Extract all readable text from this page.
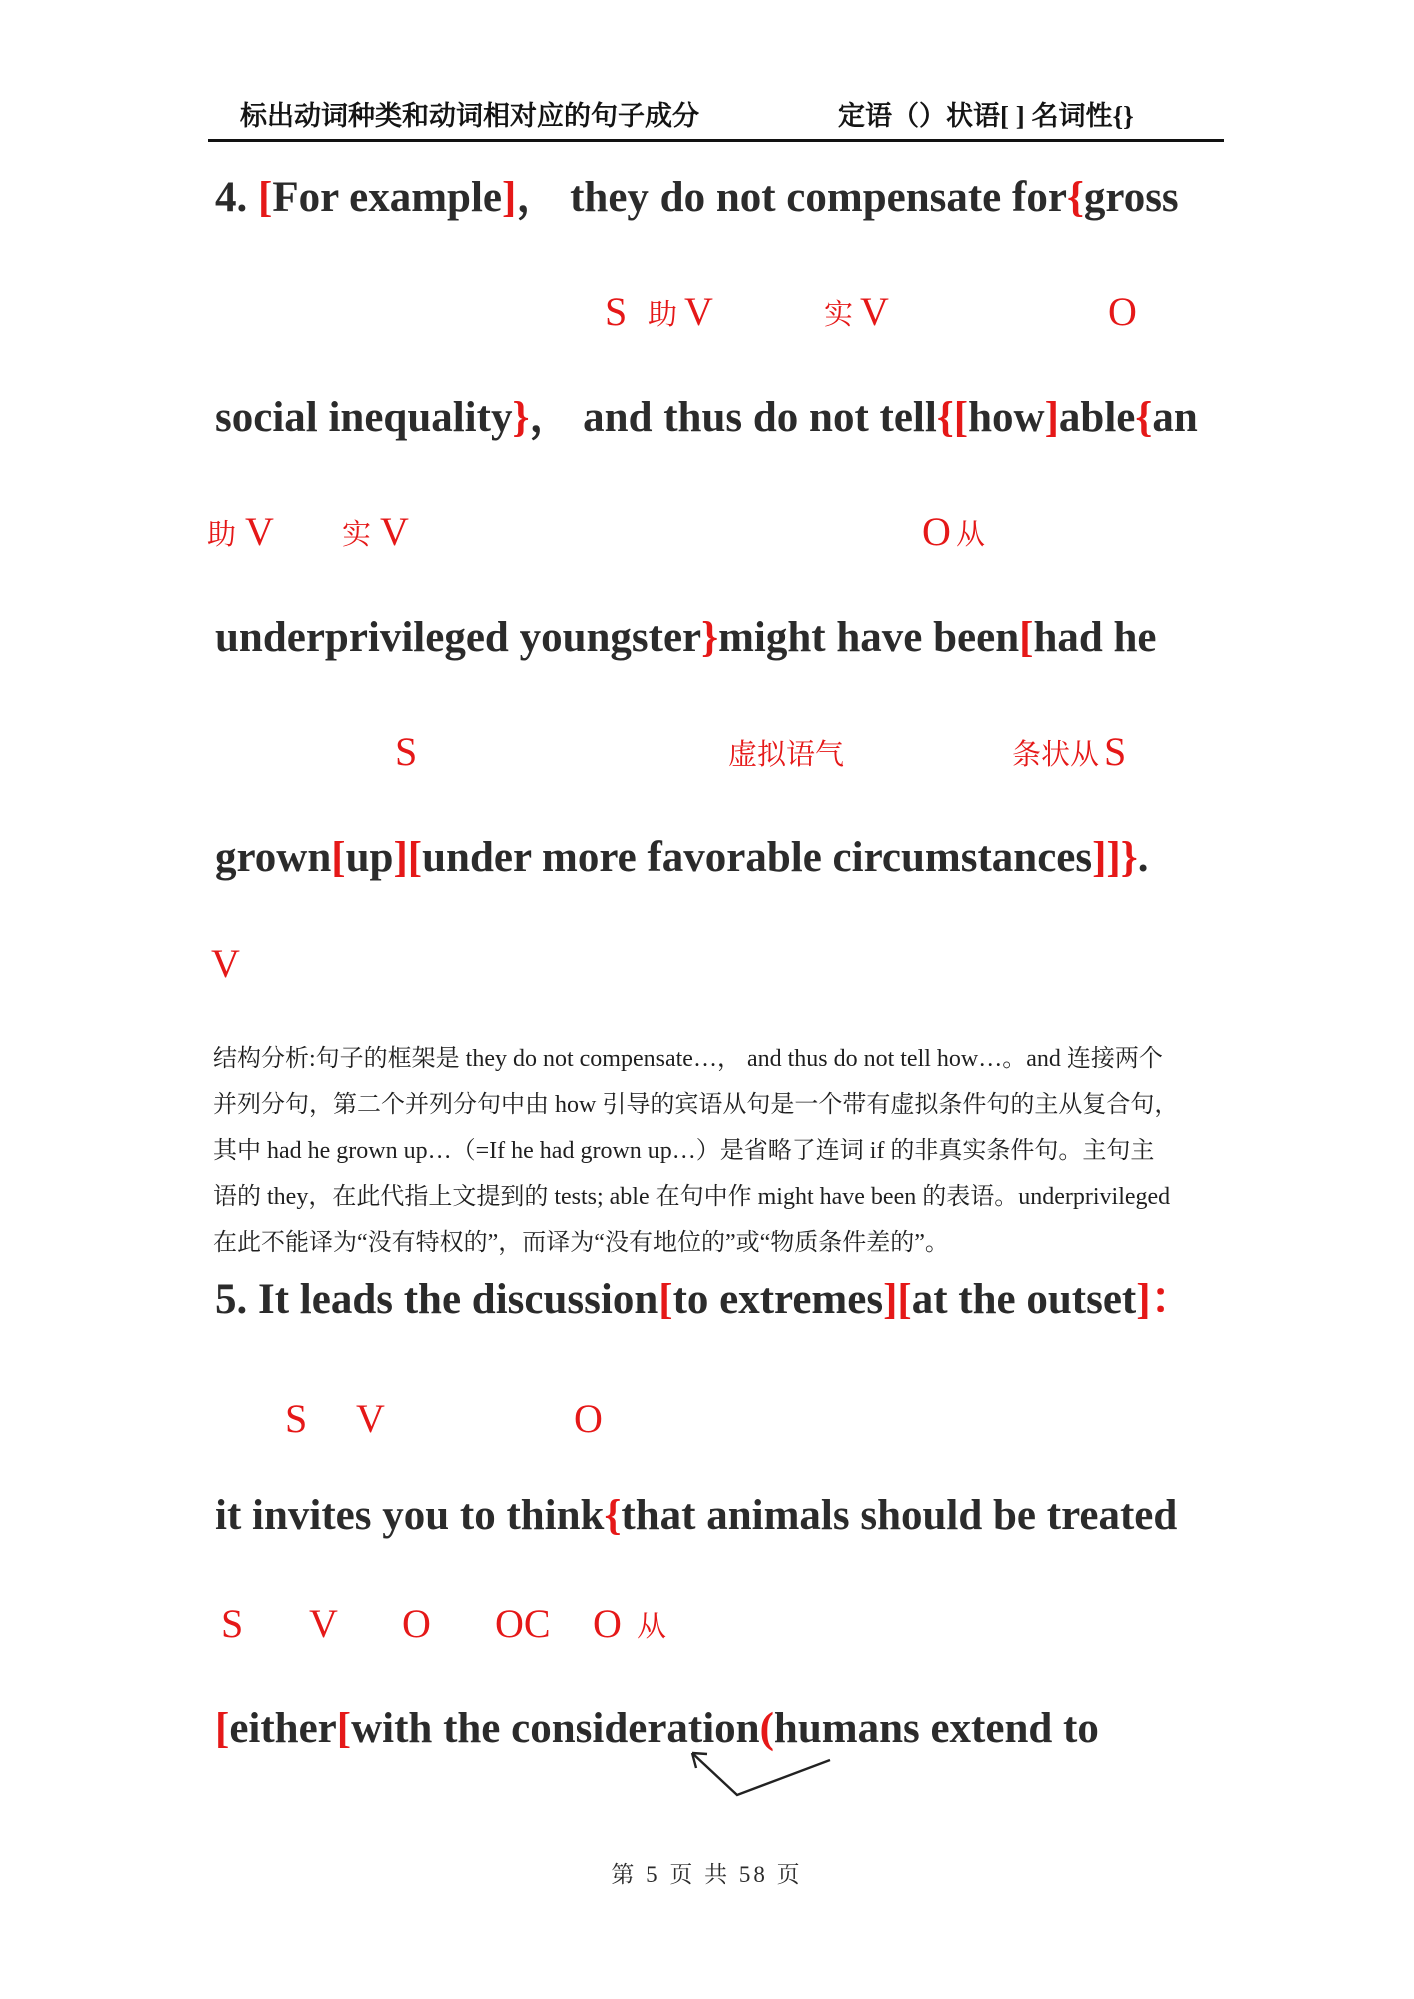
标出动词种类和动词相对应的句子成分	定语（）状语[ ] 名词性{}
4. [For example]， they do not compensate for{gross
S 助 V	实 V	O
social inequality}， and thus do not tell{[how]able{an
助 V 实 V	O 从
underprivileged youngster}might have been[had he
S	虚拟语气	条状从 S
grown[up][under more favorable circumstances]]}.
V
结构分析:句子的框架是 they do not compensate…， and thus do not tell how…。and 连接两个
并列分句，第二个并列分句中由 how 引导的宾语从句是一个带有虚拟条件句的主从复合句，
其中 had he grown up…（=If he had grown up…）是省略了连词 if 的非真实条件句。主句主
语的 they，在此代指上文提到的 tests; able 在句中作 might have been 的表语。underprivileged
在此不能译为“没有特权的”，而译为“没有地位的”或“物质条件差的”。
5. It leads the discussion[to extremes][at the outset]：
S V	O
it invites you to think{that animals should be treated
S V O OC O 从
[either[with the consideration(humans extend to
第 5 页 共 58 页
